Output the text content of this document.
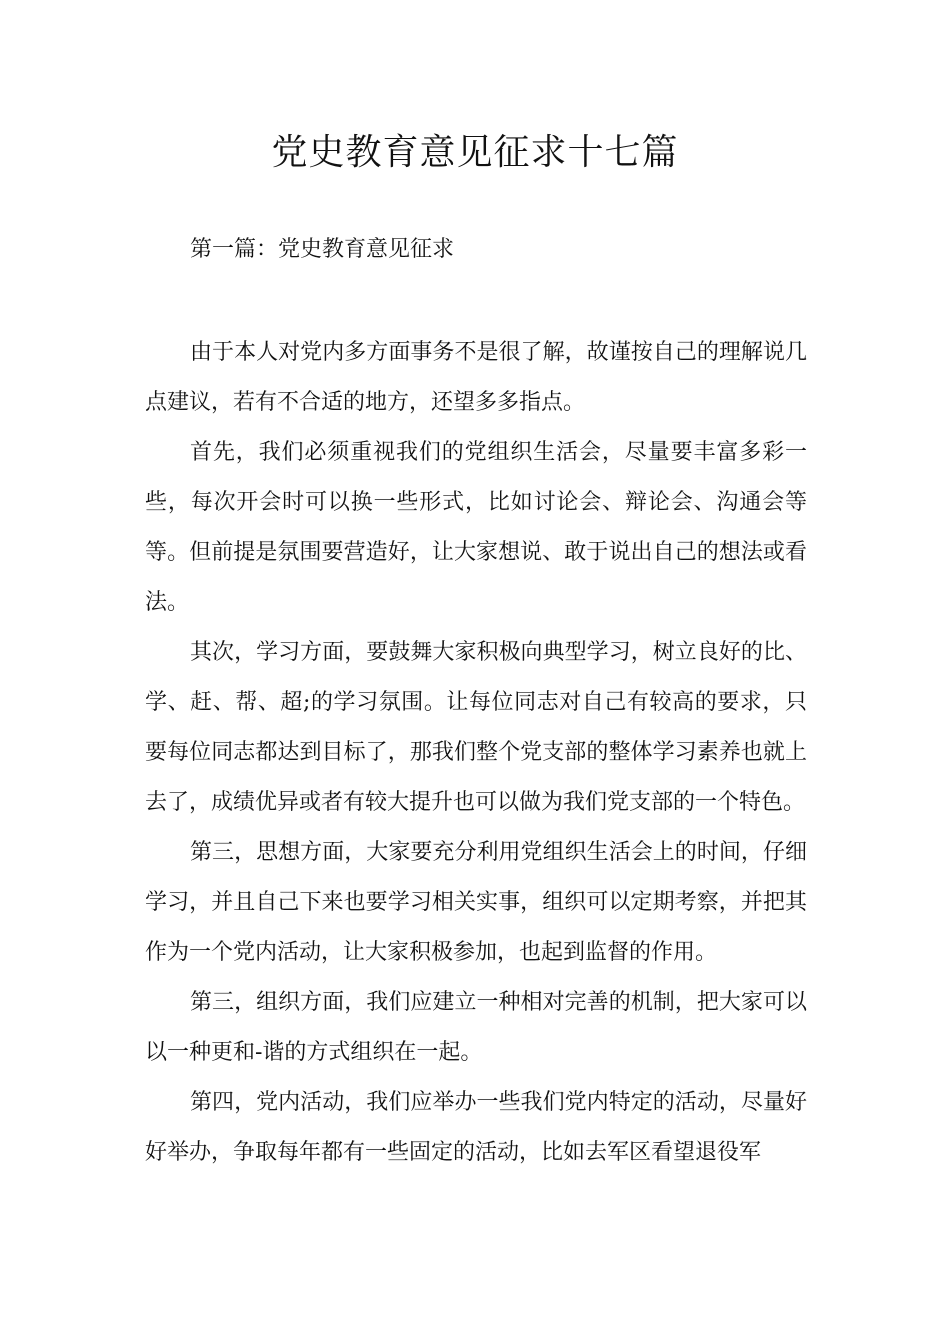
党史教育意见征求十七篇
第一篇：党史教育意见征求

由于本人对党内多方面事务不是很了解，故谨按自己的理解说几点建议，若有不合适的地方，还望多多指点。

首先，我们必须重视我们的党组织生活会，尽量要丰富多彩一些，每次开会时可以换一些形式，比如讨论会、辩论会、沟通会等等。但前提是氛围要营造好，让大家想说、敢于说出自己的想法或看法。

其次，学习方面，要鼓舞大家积极向典型学习，树立良好的比、学、赶、帮、超;的学习氛围。让每位同志对自己有较高的要求，只要每位同志都达到目标了，那我们整个党支部的整体学习素养也就上去了，成绩优异或者有较大提升也可以做为我们党支部的一个特色。

第三，思想方面，大家要充分利用党组织生活会上的时间，仔细学习，并且自己下来也要学习相关实事，组织可以定期考察，并把其作为一个党内活动，让大家积极参加，也起到监督的作用。

第三，组织方面，我们应建立一种相对完善的机制，把大家可以以一种更和-谐的方式组织在一起。

第四，党内活动，我们应举办一些我们党内特定的活动，尽量好好举办，争取每年都有一些固定的活动，比如去军区看望退役军
